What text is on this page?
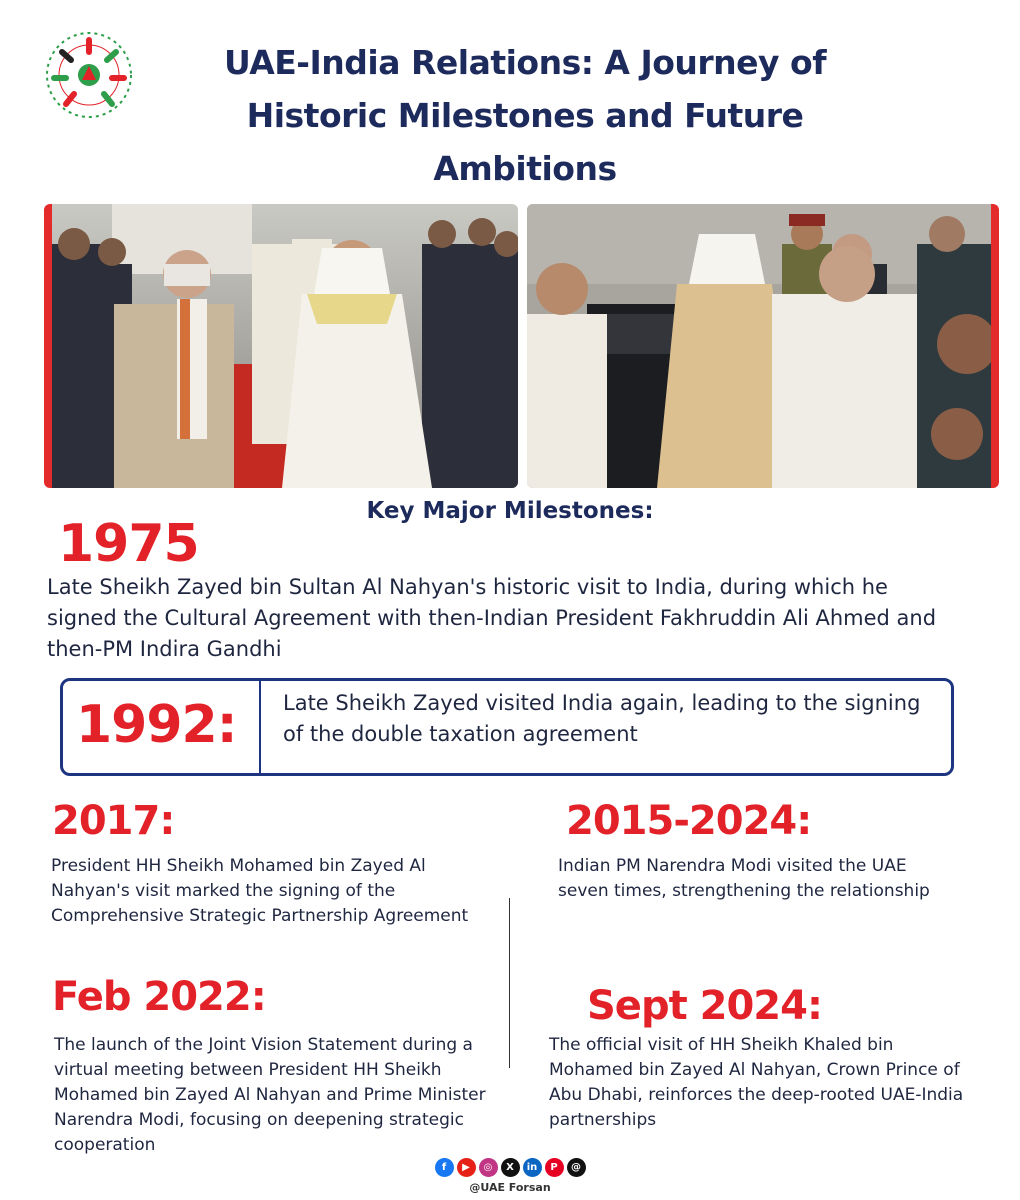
UAE-India Relations: A Journey of Historic Milestones and Future Ambitions
Key Major Milestones:
1975
Late Sheikh Zayed bin Sultan Al Nahyan's historic visit to India, during which he signed the Cultural Agreement with then-Indian President Fakhruddin Ali Ahmed and then-PM Indira Gandhi
1992: Late Sheikh Zayed visited India again, leading to the signing of the double taxation agreement
2017:
President HH Sheikh Mohamed bin Zayed Al Nahyan's visit marked the signing of the Comprehensive Strategic Partnership Agreement
2015-2024:
Indian PM Narendra Modi visited the UAE seven times, strengthening the relationship
Feb 2022:
The launch of the Joint Vision Statement during a virtual meeting between President HH Sheikh Mohamed bin Zayed Al Nahyan and Prime Minister Narendra Modi, focusing on deepening strategic cooperation
Sept 2024:
The official visit of HH Sheikh Khaled bin Mohamed bin Zayed Al Nahyan, Crown Prince of Abu Dhabi, reinforces the deep-rooted UAE-India partnerships
f	▶	◎	X	in	P	@
@UAE Forsan
